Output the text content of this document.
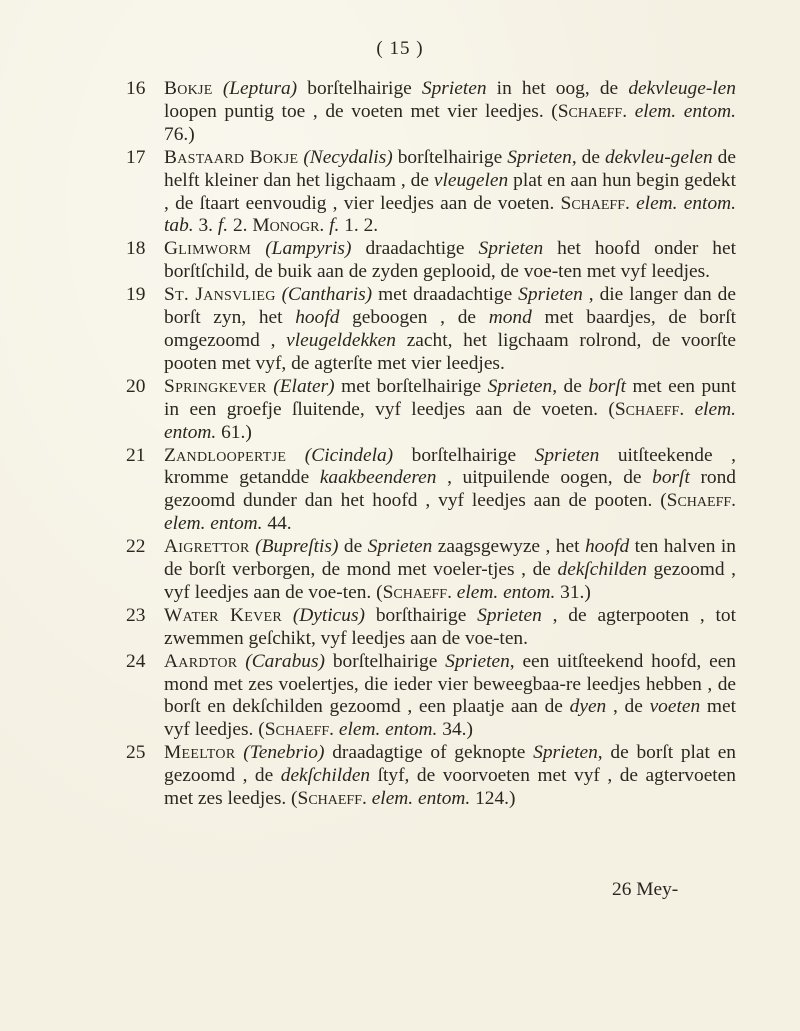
( 15 )
16 Bokje (Leptura) borſtelhairige Sprieten in het oog, de dekvleuge-len loopen puntig toe , de voeten met vier leedjes. (Schaeff. elem. entom. 76.)
17 Bastaard Bokje (Necydalis) borſtelhairige Sprieten, de dekvleu-gelen de helft kleiner dan het ligchaam , de vleugelen plat en aan hun begin gedekt , de ſtaart eenvoudig , vier leedjes aan de voeten. Schaeff. elem. entom. tab. 3. f. 2. Monogr. f. 1. 2.
18 Glimworm (Lampyris) draadachtige Sprieten het hoofd onder het borſtſchild, de buik aan de zyden geplooid, de voe-ten met vyf leedjes.
19 St. Jansvlieg (Cantharis) met draadachtige Sprieten , die langer dan de borſt zyn, het hoofd geboogen , de mond met baardjes, de borſt omgezoomd , vleugeldekken zacht, het ligchaam rolrond, de voorſte pooten met vyf, de agterſte met vier leedjes.
20 Springkever (Elater) met borſtelhairige Sprieten, de borſt met een punt in een groefje ſluitende, vyf leedjes aan de voeten. (Schaeff. elem. entom. 61.)
21 Zandloopertje (Cicindela) borſtelhairige Sprieten uitſteekende , kromme getandde kaakbeenderen , uitpuilende oogen, de borſt rond gezoomd dunder dan het hoofd , vyf leedjes aan de pooten. (Schaeff. elem. entom. 44.
22 Aigrettor (Bupreſtis) de Sprieten zaagsgewyze , het hoofd ten halven in de borſt verborgen, de mond met voeler-tjes , de dekſchilden gezoomd , vyf leedjes aan de voe-ten. (Schaeff. elem. entom. 31.)
23 Water Kever (Dyticus) borſthairige Sprieten , de agterpooten , tot zwemmen geſchikt, vyf leedjes aan de voe-ten.
24 Aardtor (Carabus) borſtelhairige Sprieten, een uitſteekend hoofd, een mond met zes voelertjes, die ieder vier beweegbaa-re leedjes hebben , de borſt en dekſchilden gezoomd , een plaatje aan de dyen , de voeten met vyf leedjes. (Schaeff. elem. entom. 34.)
25 Meeltor (Tenebrio) draadagtige of geknopte Sprieten, de borſt plat en gezoomd , de dekſchilden ſtyf, de voorvoeten met vyf , de agtervoeten met zes leedjes. (Schaeff. elem. entom. 124.)
26 Mey-
